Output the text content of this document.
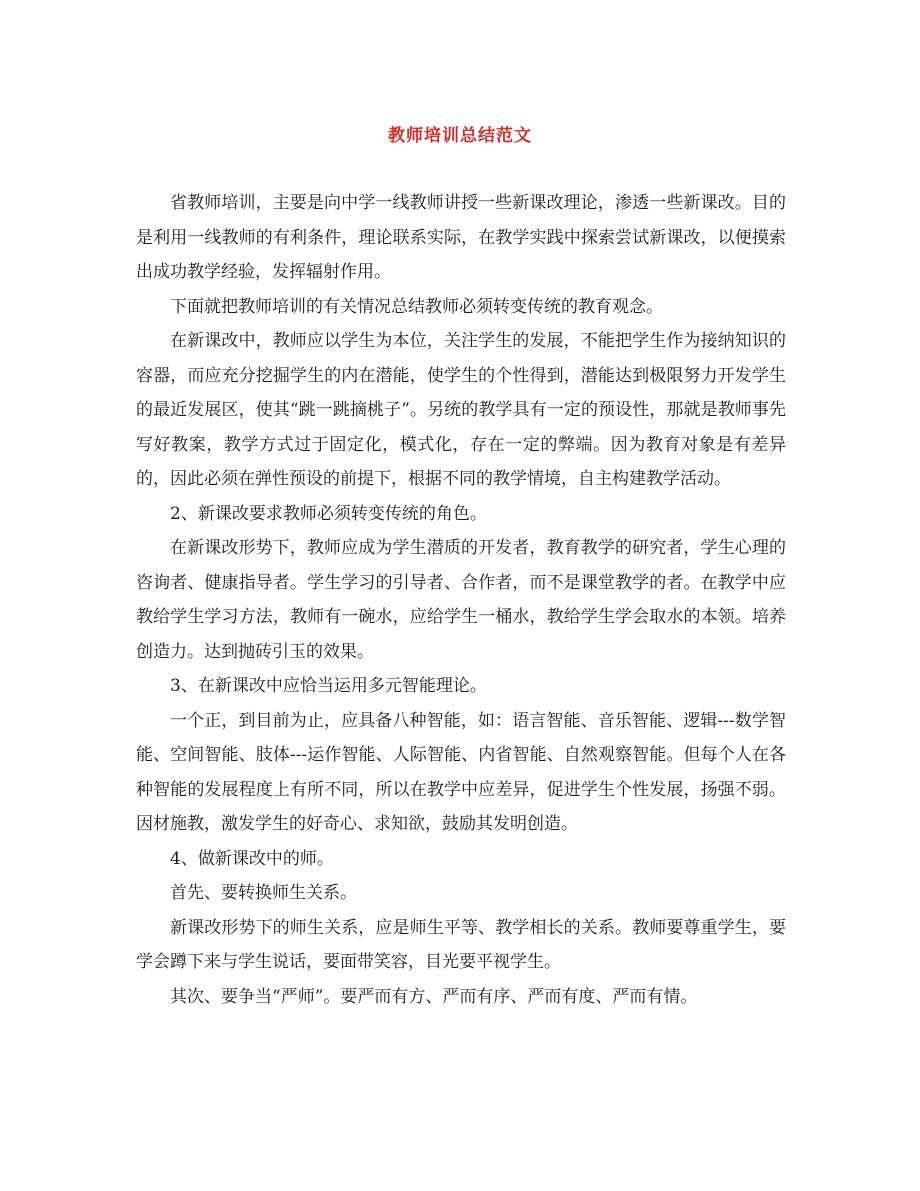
教师培训总结范文

省教师培训，主要是向中学一线教师讲授一些新课改理论，渗透一些新课改。目的是利用一线教师的有利条件，理论联系实际，在教学实践中探索尝试新课改，以便摸索出成功教学经验，发挥辐射作用。

下面就把教师培训的有关情况总结教师必须转变传统的教育观念。

在新课改中，教师应以学生为本位，关注学生的发展，不能把学生作为接纳知识的容器，而应充分挖掘学生的内在潜能，使学生的个性得到，潜能达到极限努力开发学生的最近发展区，使其“跳一跳摘桃子”。另统的教学具有一定的预设性，那就是教师事先写好教案，教学方式过于固定化，模式化，存在一定的弊端。因为教育对象是有差异的，因此必须在弹性预设的前提下，根据不同的教学情境，自主构建教学活动。

2、新课改要求教师必须转变传统的角色。

在新课改形势下，教师应成为学生潜质的开发者，教育教学的研究者，学生心理的咨询者、健康指导者。学生学习的引导者、合作者，而不是课堂教学的者。在教学中应教给学生学习方法，教师有一碗水，应给学生一桶水，教给学生学会取水的本领。培养创造力。达到抛砖引玉的效果。

3、在新课改中应恰当运用多元智能理论。

一个正，到目前为止，应具备八种智能，如：语言智能、音乐智能、逻辑---数学智能、空间智能、肢体---运作智能、人际智能、内省智能、自然观察智能。但每个人在各种智能的发展程度上有所不同，所以在教学中应差异，促进学生个性发展，扬强不弱。因材施教，激发学生的好奇心、求知欲，鼓励其发明创造。

4、做新课改中的师。

首先、要转换师生关系。

新课改形势下的师生关系，应是师生平等、教学相长的关系。教师要尊重学生，要学会蹲下来与学生说话，要面带笑容，目光要平视学生。

其次、要争当“严师”。要严而有方、严而有序、严而有度、严而有情。
